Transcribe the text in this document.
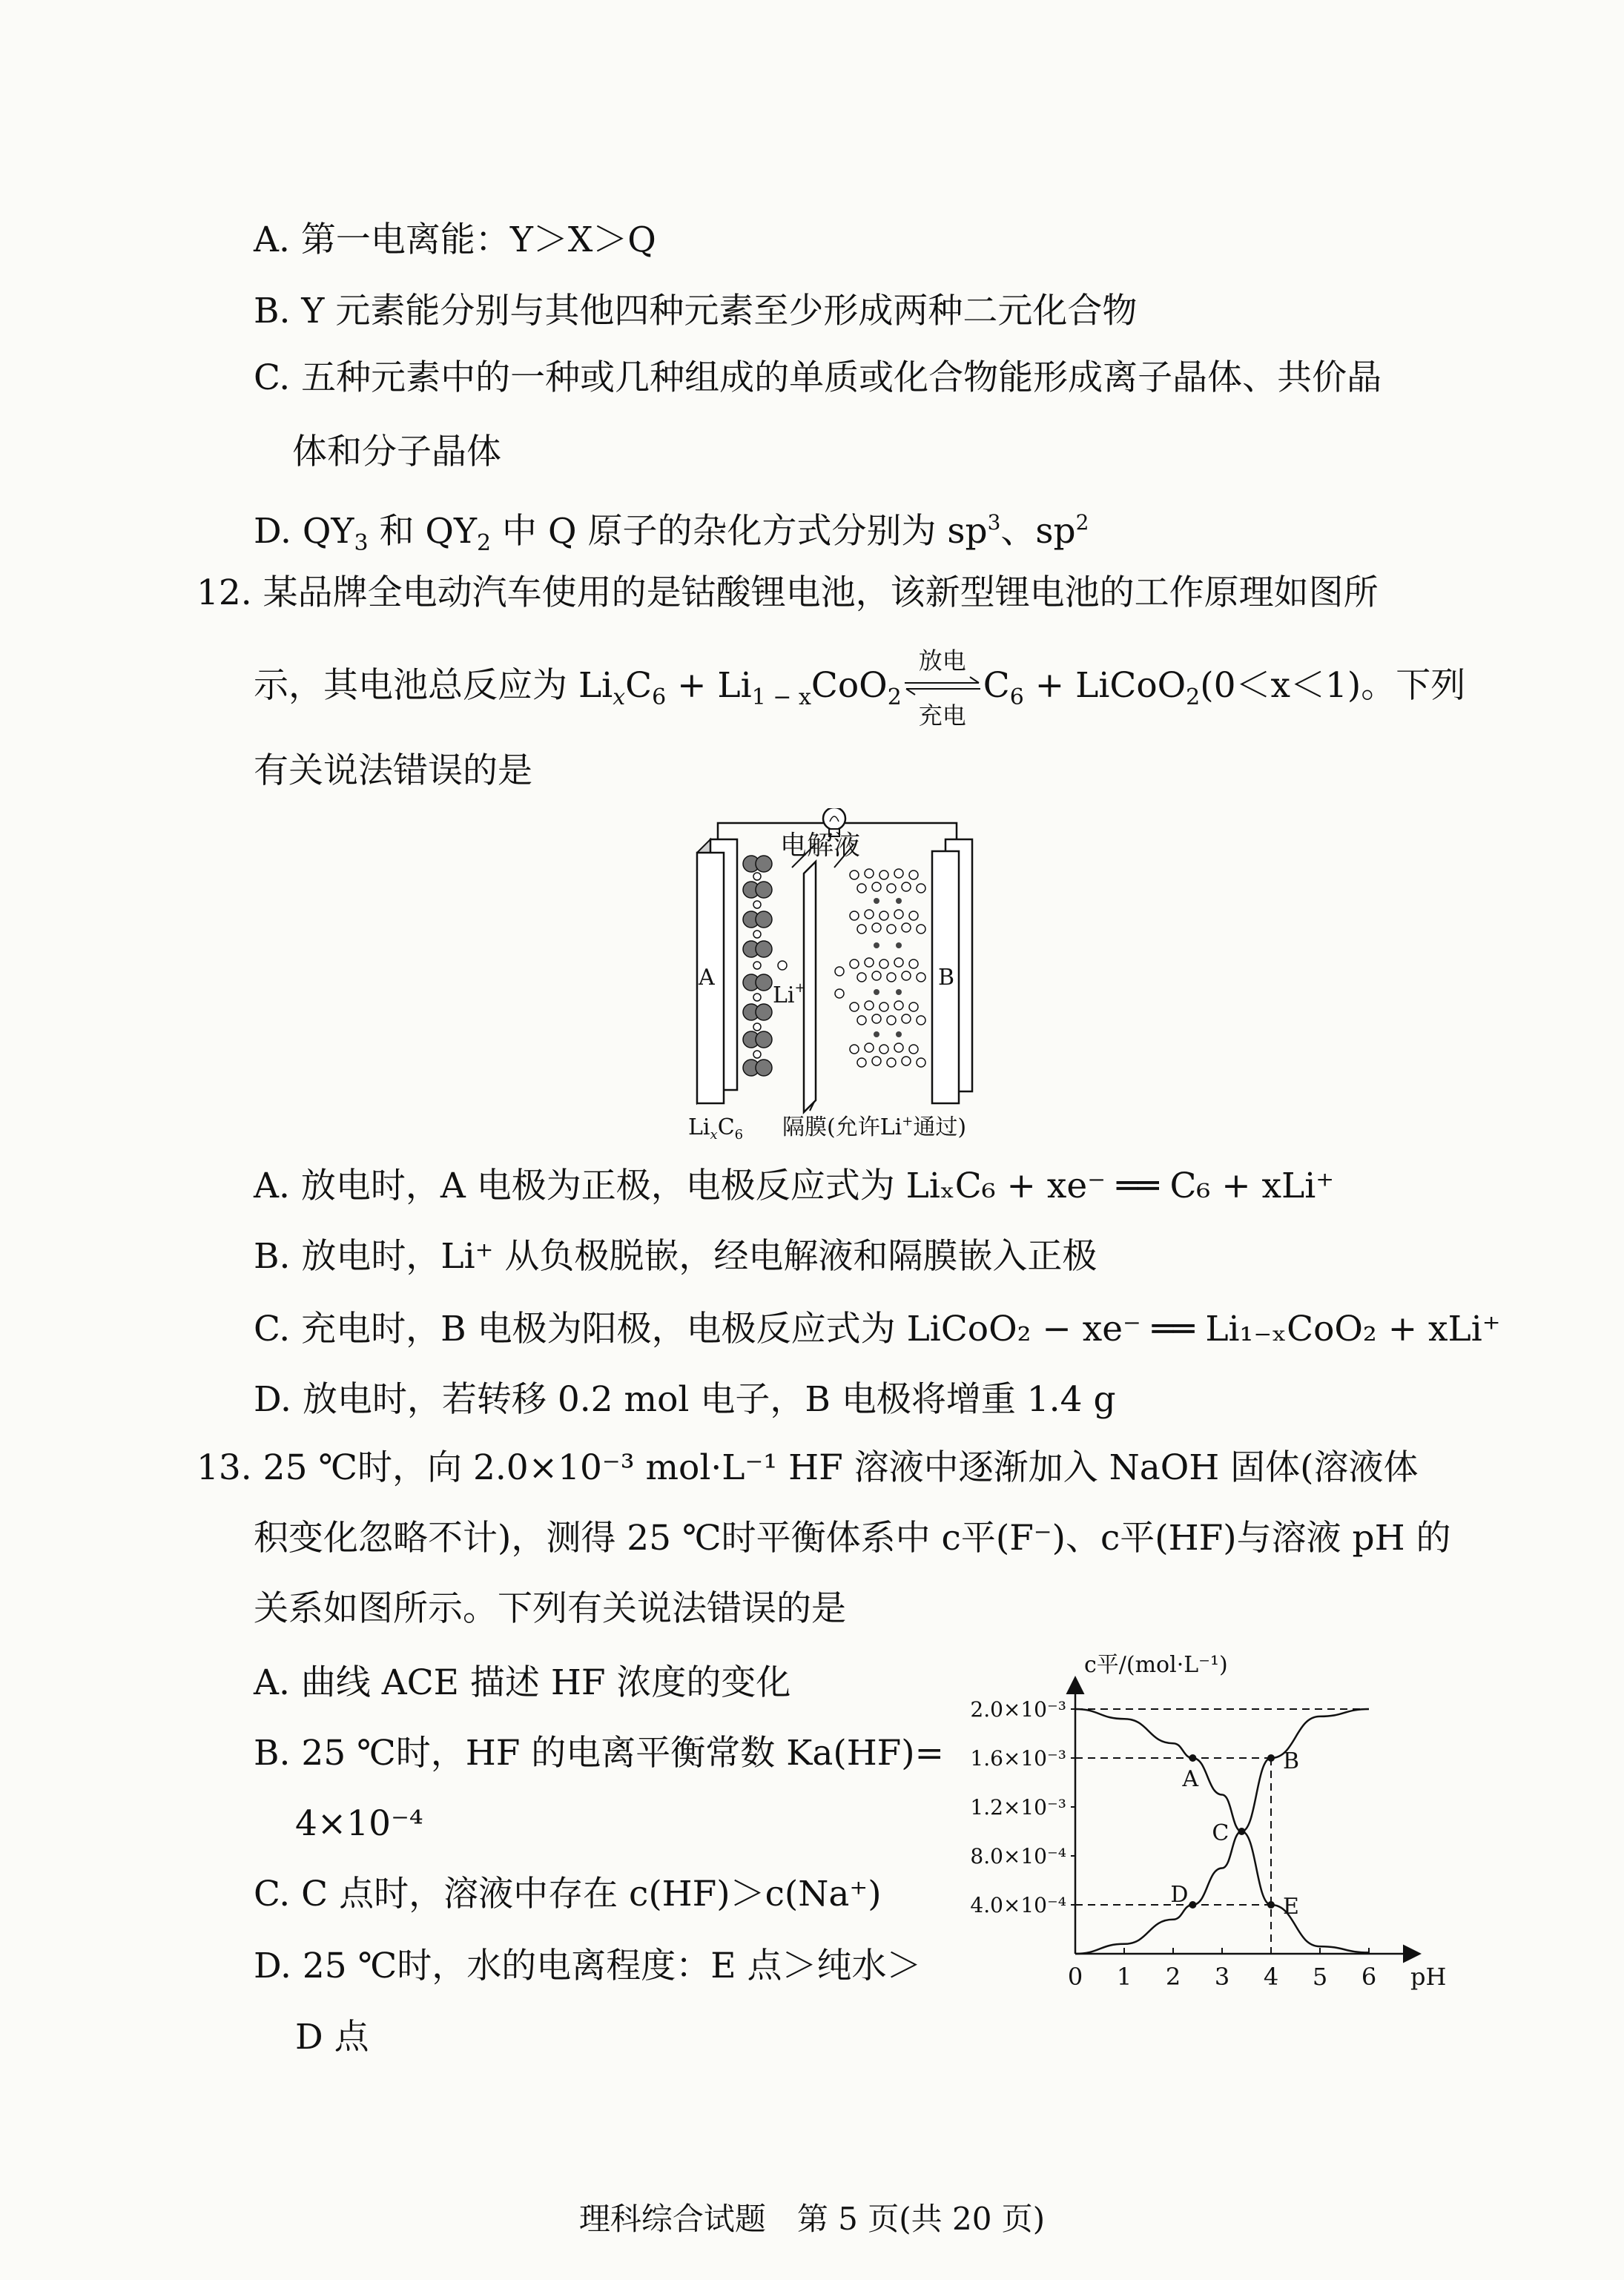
A. 第一电离能：Y＞X＞Q
B. Y 元素能分别与其他四种元素至少形成两种二元化合物
C. 五种元素中的一种或几种组成的单质或化合物能形成离子晶体、共价晶
体和分子晶体
D. $QY_3$ 和 $QY_2$ 中 Q 原子的杂化方式分别为 $sp^3$、$sp^2$
12. 某品牌全电动汽车使用的是钴酸锂电池，该新型锂电池的工作原理如图所
示，其电池总反应为 $Li_xC_6 + Li_{1 - x}CoO_2$
放电
充电
$C_6$ + LiCoO$_2$(0＜x＜1)。下列
有关说法错误的是
电解液
A	B
Li+
$Li_xC_6$ 隔膜(允许Li+通过)
A. 放电时，A 电极为正极，电极反应式为 LiₓC₆ + xe⁻ ══ C₆ + xLi⁺
B. 放电时，Li⁺ 从负极脱嵌，经电解液和隔膜嵌入正极
C. 充电时，B 电极为阳极，电极反应式为 LiCoO₂ − xe⁻ ══ Li₁₋ₓCoO₂ + xLi⁺
D. 放电时，若转移 0.2 mol 电子，B 电极将增重 1.4 g
13. 25 ℃时，向 2.0×10⁻³ mol·L⁻¹ HF 溶液中逐渐加入 NaOH 固体(溶液体
积变化忽略不计)，测得 25 ℃时平衡体系中 c平(F⁻)、c平(HF)与溶液 pH 的
关系如图所示。下列有关说法错误的是
A. 曲线 ACE 描述 HF 浓度的变化
B. 25 ℃时，HF 的电离平衡常数 Ka(HF)=
4×10⁻⁴
C. C 点时，溶液中存在 c(HF)＞c(Na⁺)
D. 25 ℃时，水的电离程度：E 点＞纯水＞
D 点
c平/(mol·L⁻¹)
pH
0 1 2 3 4 5 6
4.0×10⁻⁴
8.0×10⁻⁴
1.2×10⁻³
1.6×10⁻³
2.0×10⁻³
A
B
C
D	E
理科综合试题　第 5 页(共 20 页)
